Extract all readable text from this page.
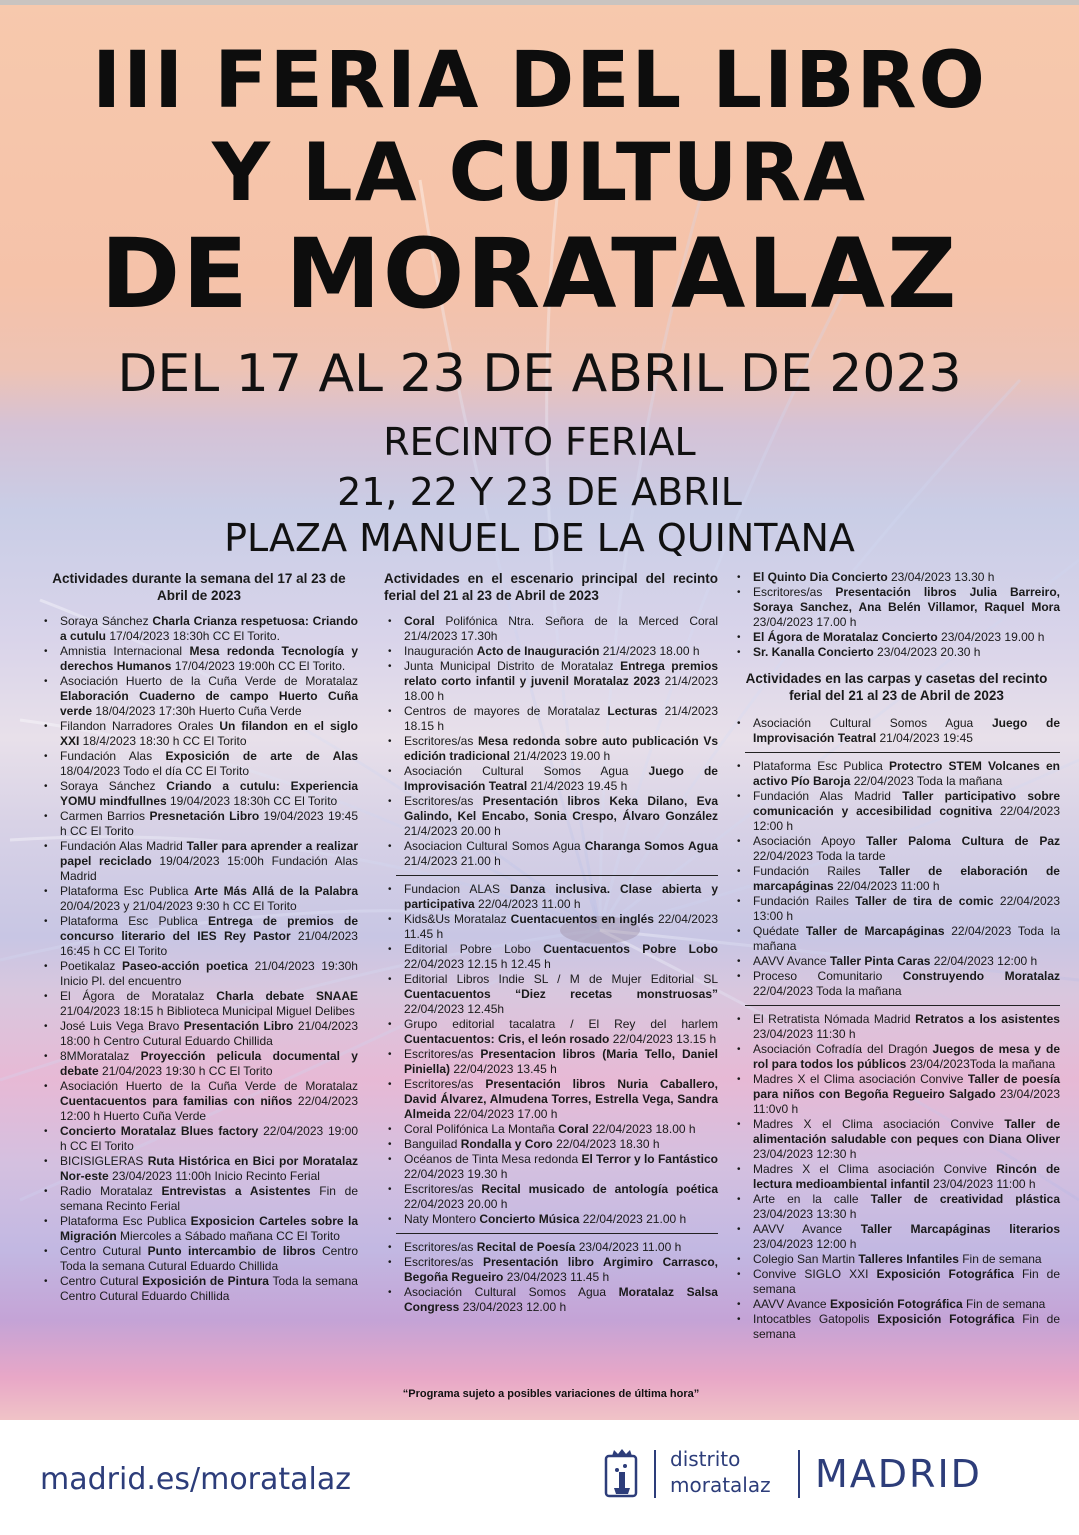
III FERIA DEL LIBRO
Y LA CULTURA
DE MORATALAZ
DEL 17 AL 23 DE ABRIL DE 2023
RECINTO FERIAL
21, 22 Y 23 DE ABRIL
PLAZA MANUEL DE LA QUINTANA
Actividades durante la semana del 17 al 23 de Abril de 2023
• Soraya Sánchez Charla Crianza respetuosa: Criando a cutulu 17/04/2023 18:30h CC El Torito.
• Amnistia Internacional Mesa redonda Tecnología y derechos Humanos 17/04/2023 19:00h CC El Torito.
• Asociación Huerto de la Cuña Verde de Moratalaz Elaboración Cuaderno de campo Huerto Cuña verde 18/04/2023 17:30h Huerto Cuña Verde
• Filandon Narradores Orales Un filandon en el siglo XXI 18/4/2023 18:30 h CC El Torito
• Fundación Alas Exposición de arte de Alas 18/04/2023 Todo el día CC El Torito
• Soraya Sánchez Criando a cutulu: Experiencia YOMU mindfullnes 19/04/2023 18:30h CC El Torito
• Carmen Barrios Presnetación Libro 19/04/2023 19:45 h CC El Torito
• Fundación Alas Madrid Taller para aprender a realizar papel reciclado 19/04/2023 15:00h Fundación Alas Madrid
• Plataforma Esc Publica Arte Más Allá de la Palabra 20/04/2023 y 21/04/2023 9:30 h CC El Torito
• Plataforma Esc Publica Entrega de premios de concurso literario del IES Rey Pastor 21/04/2023 16:45 h CC El Torito
• Poetikalaz Paseo-acción poetica 21/04/2023 19:30h Inicio Pl. del encuentro
• El Ágora de Moratalaz Charla debate SNAAE 21/04/2023 18:15 h Biblioteca Municipal Miguel Delibes
• José Luis Vega Bravo Presentación Libro 21/04/2023 18:00 h Centro Cutural Eduardo Chillida
• 8MMoratalaz Proyección pelicula documental y debate 21/04/2023 19:30 h CC El Torito
• Asociación Huerto de la Cuña Verde de Moratalaz Cuentacuentos para familias con niños 22/04/2023 12:00 h Huerto Cuña Verde
• Concierto Moratalaz Blues factory 22/04/2023 19:00 h CC El Torito
• BICISIGLERAS Ruta Histórica en Bici por Moratalaz Nor-este 23/04/2023 11:00h Inicio Recinto Ferial
• Radio Moratalaz Entrevistas a Asistentes Fin de semana Recinto Ferial
• Plataforma Esc Publica Exposicion Carteles sobre la Migración Miercoles a Sábado mañana CC El Torito
• Centro Cutural Punto intercambio de libros Centro Toda la semana Cutural Eduardo Chillida
• Centro Cutural Exposición de Pintura Toda la semana Centro Cutural Eduardo Chillida
Actividades en el escenario principal del recinto ferial del 21 al 23 de Abril de 2023
• Coral Polifónica Ntra. Señora de la Merced Coral 21/4/2023 17.30h
• Inauguración Acto de Inauguración 21/4/2023 18.00 h
• Junta Municipal Distrito de Moratalaz Entrega premios relato corto infantil y juvenil Moratalaz 2023 21/4/2023 18.00 h
• Centros de mayores de Moratalaz Lecturas 21/4/2023 18.15 h
• Escritores/as Mesa redonda sobre auto publicación Vs edición tradicional 21/4/2023 19.00 h
• Asociación Cultural Somos Agua Juego de Improvisación Teatral 21/4/2023 19.45 h
• Escritores/as Presentación libros Keka Dilano, Eva Galindo, Kel Encabo, Sonia Crespo, Álvaro González 21/4/2023 20.00 h
• Asociacion Cultural Somos Agua Charanga Somos Agua 21/4/2023 21.00 h
• Fundacion ALAS Danza inclusiva. Clase abierta y participativa 22/04/2023 11.00 h
• Kids&Us Moratalaz Cuentacuentos en inglés 22/04/2023 11.45 h
• Editorial Pobre Lobo Cuentacuentos Pobre Lobo 22/04/2023 12.15 h 12.45 h
• Editorial Libros Indie SL / M de Mujer Editorial SL Cuentacuentos “Diez recetas monstruosas” 22/04/2023 12.45h
• Grupo editorial tacalatra / El Rey del harlem Cuentacuentos: Cris, el león rosado 22/04/2023 13.15 h
• Escritores/as Presentacion libros (Maria Tello, Daniel Piniella) 22/04/2023 13.45 h
• Escritores/as Presentación libros Nuria Caballero, David Álvarez, Almudena Torres, Estrella Vega, Sandra Almeida 22/04/2023 17.00 h
• Coral Polifónica La Montaña Coral 22/04/2023 18.00 h
• Banguilad Rondalla y Coro 22/04/2023 18.30 h
• Océanos de Tinta Mesa redonda El Terror y lo Fantástico 22/04/2023 19.30 h
• Escritores/as Recital musicado de antología poética 22/04/2023 20.00 h
• Naty Montero Concierto Música 22/04/2023 21.00 h
• Escritores/as Recital de Poesía 23/04/2023 11.00 h
• Escritores/as Presentación libro Argimiro Carrasco, Begoña Regueiro 23/04/2023 11.45 h
• Asociación Cultural Somos Agua Moratalaz Salsa Congress 23/04/2023 12.00 h
“Programa sujeto a posibles variaciones de última hora”
• El Quinto Dia Concierto 23/04/2023 13.30 h
• Escritores/as Presentación libros Julia Barreiro, Soraya Sanchez, Ana Belén Villamor, Raquel Mora 23/04/2023 17.00 h
• El Ágora de Moratalaz Concierto 23/04/2023 19.00 h
• Sr. Kanalla Concierto 23/04/2023 20.30 h
Actividades en las carpas y casetas del recinto ferial del 21 al 23 de Abril de 2023
• Asociación Cultural Somos Agua Juego de Improvisación Teatral 21/04/2023 19:45
• Plataforma Esc Publica Protectro STEM Volcanes en activo Pío Baroja 22/04/2023 Toda la mañana
• Fundación Alas Madrid Taller participativo sobre comunicación y accesibilidad cognitiva 22/04/2023 12:00 h
• Asociación Apoyo Taller Paloma Cultura de Paz 22/04/2023 Toda la tarde
• Fundación Railes Taller de elaboración de marcapáginas 22/04/2023 11:00 h
• Fundación Railes Taller de tira de comic 22/04/2023 13:00 h
• Quédate Taller de Marcapáginas 22/04/2023 Toda la mañana
• AAVV Avance Taller Pinta Caras 22/04/2023 12:00 h
• Proceso Comunitario Construyendo Moratalaz 22/04/2023 Toda la mañana
• El Retratista Nómada Madrid Retratos a los asistentes 23/04/2023 11:30 h
• Asociación Cofradía del Dragón Juegos de mesa y de rol para todos los públicos 23/04/2023Toda la mañana
• Madres X el Clima asociación Convive Taller de poesía para niños con Begoña Regueiro Salgado 23/04/2023 11:0v0 h
• Madres X el Clima asociación Convive Taller de alimentación saludable con peques con Diana Oliver 23/04/2023 12:30 h
• Madres X el Clima asociación Convive Rincón de lectura medioambiental infantil 23/04/2023 11:00 h
• Arte en la calle Taller de creatividad plástica 23/04/2023 13:30 h
• AAVV Avance Taller Marcapáginas literarios 23/04/2023 12:00 h
• Colegio San Martin Talleres Infantiles Fin de semana
• Convive SIGLO XXI Exposición Fotográfica Fin de semana
• AAVV Avance Exposición Fotográfica Fin de semana
• Intocatbles Gatopolis Exposición Fotográfica Fin de semana
madrid.es/moratalaz
distrito
moratalaz MADRID
